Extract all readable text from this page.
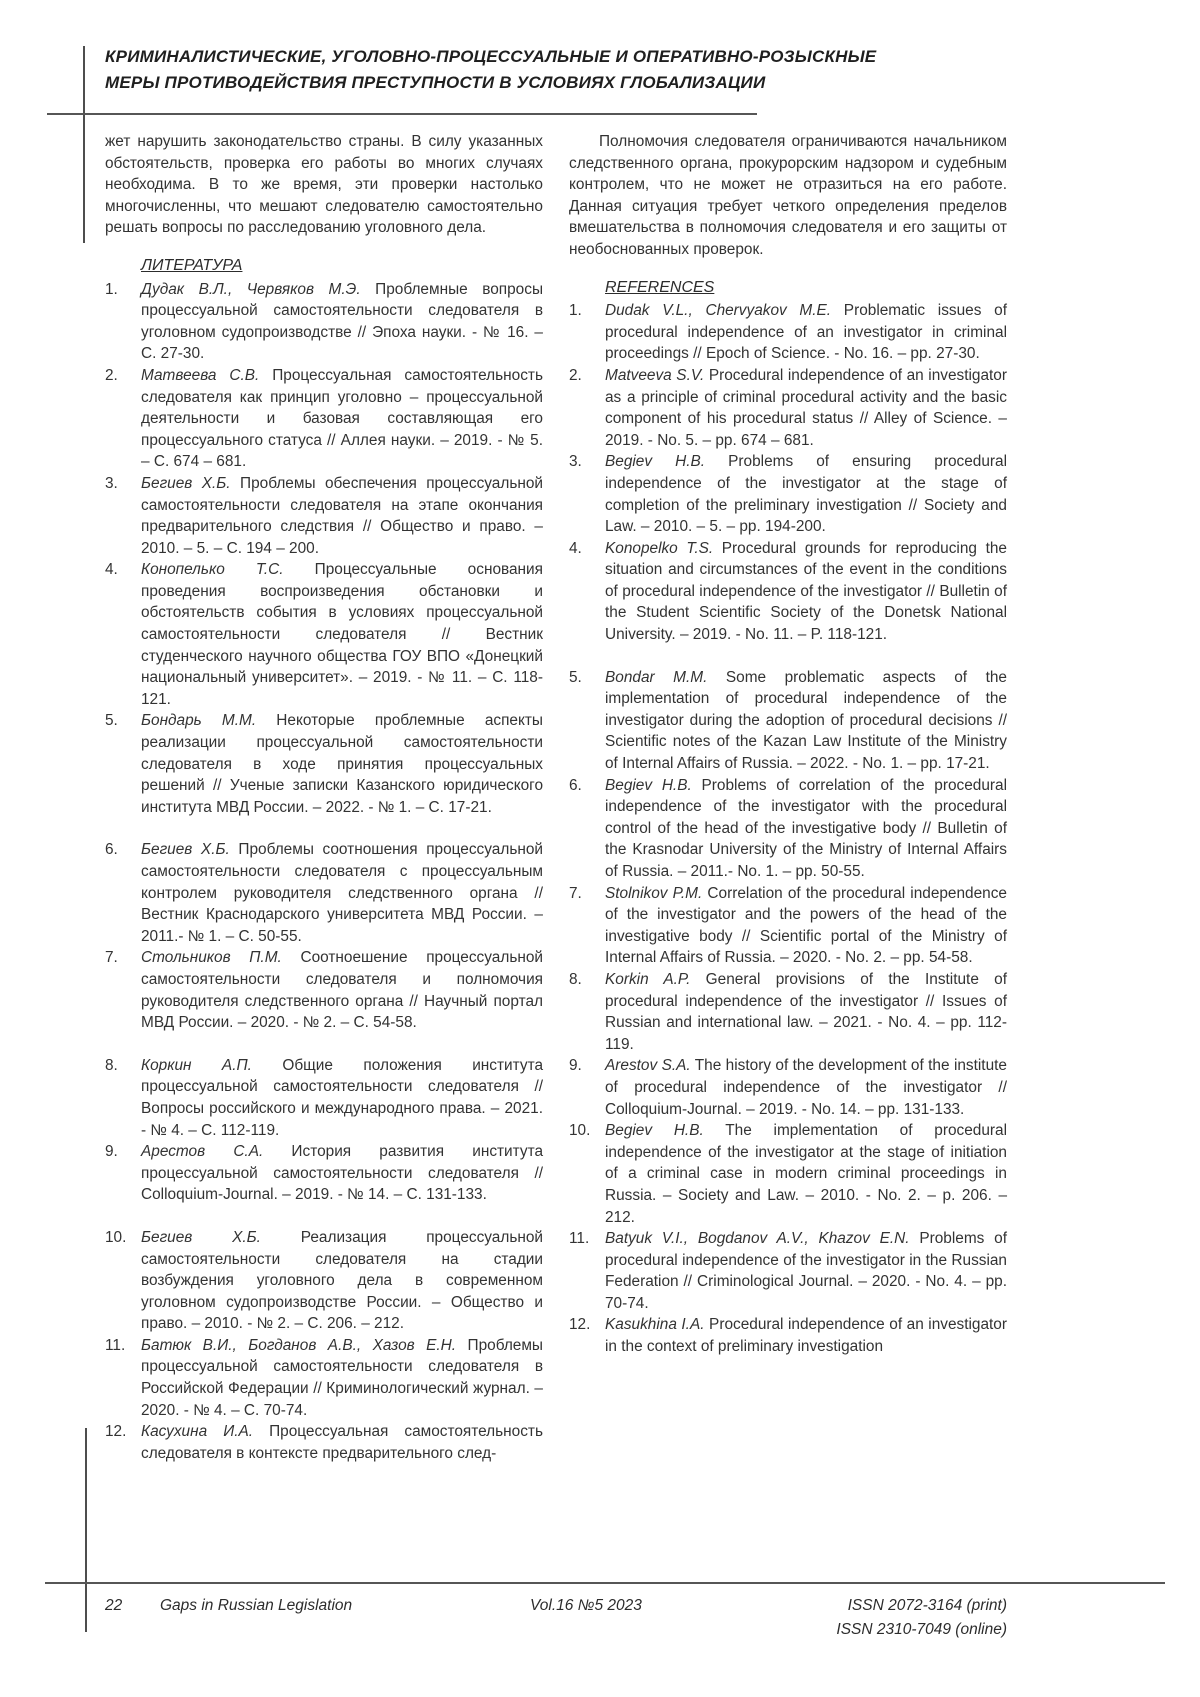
КРИМИНАЛИСТИЧЕСКИЕ, УГОЛОВНО-ПРОЦЕССУАЛЬНЫЕ И ОПЕРАТИВНО-РОЗЫСКНЫЕ
МЕРЫ ПРОТИВОДЕЙСТВИЯ ПРЕСТУПНОСТИ В УСЛОВИЯХ ГЛОБАЛИЗАЦИИ

жет нарушить законодательство страны. В силу указанных обстоятельств, проверка его работы во многих случаях необходима. В то же время, эти проверки настолько многочисленны, что мешают следователю самостоятельно решать вопросы по расследованию уголовного дела.

ЛИТЕРАТУРА
1.	Дудак В.Л., Червяков М.Э. Проблемные вопросы процессуальной самостоятельности следователя в уголовном судопроизводстве // Эпоха науки. - № 16. – С. 27-30.
2.	Матвеева С.В. Процессуальная самостоятельность следователя как принцип уголовно – процессуальной деятельности и базовая составляющая его процессуального статуса // Аллея науки. – 2019. - № 5. – С. 674 – 681.
3.	Бегиев Х.Б. Проблемы обеспечения процессуальной самостоятельности следователя на этапе окончания предварительного следствия // Общество и право. – 2010. – 5. – С. 194 – 200.
4.	Конопелько Т.С. Процессуальные основания проведения воспроизведения обстановки и обстоятельств события в условиях процессуальной самостоятельности следователя // Вестник студенческого научного общества ГОУ ВПО «Донецкий национальный университет». – 2019. - № 11. – С. 118-121.
5.	Бондарь М.М. Некоторые проблемные аспекты реализации процессуальной самостоятельности следователя в ходе принятия процессуальных решений // Ученые записки Казанского юридического института МВД России. – 2022. - № 1. – С. 17-21.
6.	Бегиев Х.Б. Проблемы соотношения процессуальной самостоятельности следователя с процессуальным контролем руководителя следственного органа // Вестник Краснодарского университета МВД России. – 2011.- № 1. – С. 50-55.
7.	Стольников П.М. Соотноешение процессуальной самостоятельности следователя и полномочия руководителя следственного органа // Научный портал МВД России. – 2020. - № 2. – С. 54-58.
8.	Коркин А.П. Общие положения института процессуальной самостоятельности следователя // Вопросы российского и международного права. – 2021. - № 4. – С. 112-119.
9.	Арестов С.А. История развития института процессуальной самостоятельности следователя // Colloquium-Journal. – 2019. - № 14. – С. 131-133.
10. Бегиев Х.Б. Реализация процессуальной самостоятельности следователя на стадии возбуждения уголовного дела в современном уголовном судопроизводстве России. – Общество и право. – 2010. - № 2. – С. 206. – 212.
11.	Батюк В.И., Богданов А.В., Хазов Е.Н. Проблемы процессуальной самостоятельности следователя в Российской Федерации // Криминологический журнал. – 2020. - № 4. – С. 70-74.
12. Касухина И.А. Процессуальная самостоятельность следователя в контексте предварительного след-

Полномочия следователя ограничиваются начальником следственного органа, прокурорским надзором и судебным контролем, что не может не отразиться на его работе. Данная ситуация требует четкого определения пределов вмешательства в полномочия следователя и его защиты от необоснованных проверок.

REFERENCES
1.	Dudak V.L., Chervyakov M.E. Problematic issues of procedural independence of an investigator in criminal proceedings // Epoch of Science. - No. 16. – pp. 27-30.
2.	Matveeva S.V. Procedural independence of an investigator as a principle of criminal procedural activity and the basic component of his procedural status // Alley of Science. – 2019. - No. 5. – pp. 674 – 681.
3.	Begiev H.B. Problems of ensuring procedural independence of the investigator at the stage of completion of the preliminary investigation // Society and Law. – 2010. – 5. – pp. 194-200.
4.	Konopelko T.S. Procedural grounds for reproducing the situation and circumstances of the event in the conditions of procedural independence of the investigator // Bulletin of the Student Scientific Society of the Donetsk National University. – 2019. - No. 11. – P. 118-121.
5.	Bondar M.M. Some problematic aspects of the implementation of procedural independence of the investigator during the adoption of procedural decisions // Scientific notes of the Kazan Law Institute of the Ministry of Internal Affairs of Russia. – 2022. - No. 1. – pp. 17-21.
6.	Begiev H.B. Problems of correlation of the procedural independence of the investigator with the procedural control of the head of the investigative body // Bulletin of the Krasnodar University of the Ministry of Internal Affairs of Russia. – 2011.- No. 1. – pp. 50-55.
7.	Stolnikov P.M. Correlation of the procedural independence of the investigator and the powers of the head of the investigative body // Scientific portal of the Ministry of Internal Affairs of Russia. – 2020. - No. 2. – pp. 54-58.
8.	Korkin A.P. General provisions of the Institute of procedural independence of the investigator // Issues of Russian and international law. – 2021. - No. 4. – pp. 112-119.
9.	Arestov S.A. The history of the development of the institute of procedural independence of the investigator // Colloquium-Journal. – 2019. - No. 14. – pp. 131-133.
10. Begiev H.B. The implementation of procedural independence of the investigator at the stage of initiation of a criminal case in modern criminal proceedings in Russia. – Society and Law. – 2010. - No. 2. – p. 206. – 212.
11.	Batyuk V.I., Bogdanov A.V., Khazov E.N. Problems of procedural independence of the investigator in the Russian Federation // Criminological Journal. – 2020. - No. 4. – pp. 70-74.
12. Kasukhina I.A. Procedural independence of an investigator in the context of preliminary investigation
22 Gaps in Russian Legislation	Vol.16 №5 2023	ISSN 2072-3164 (print)
ISSN 2310-7049 (online)
